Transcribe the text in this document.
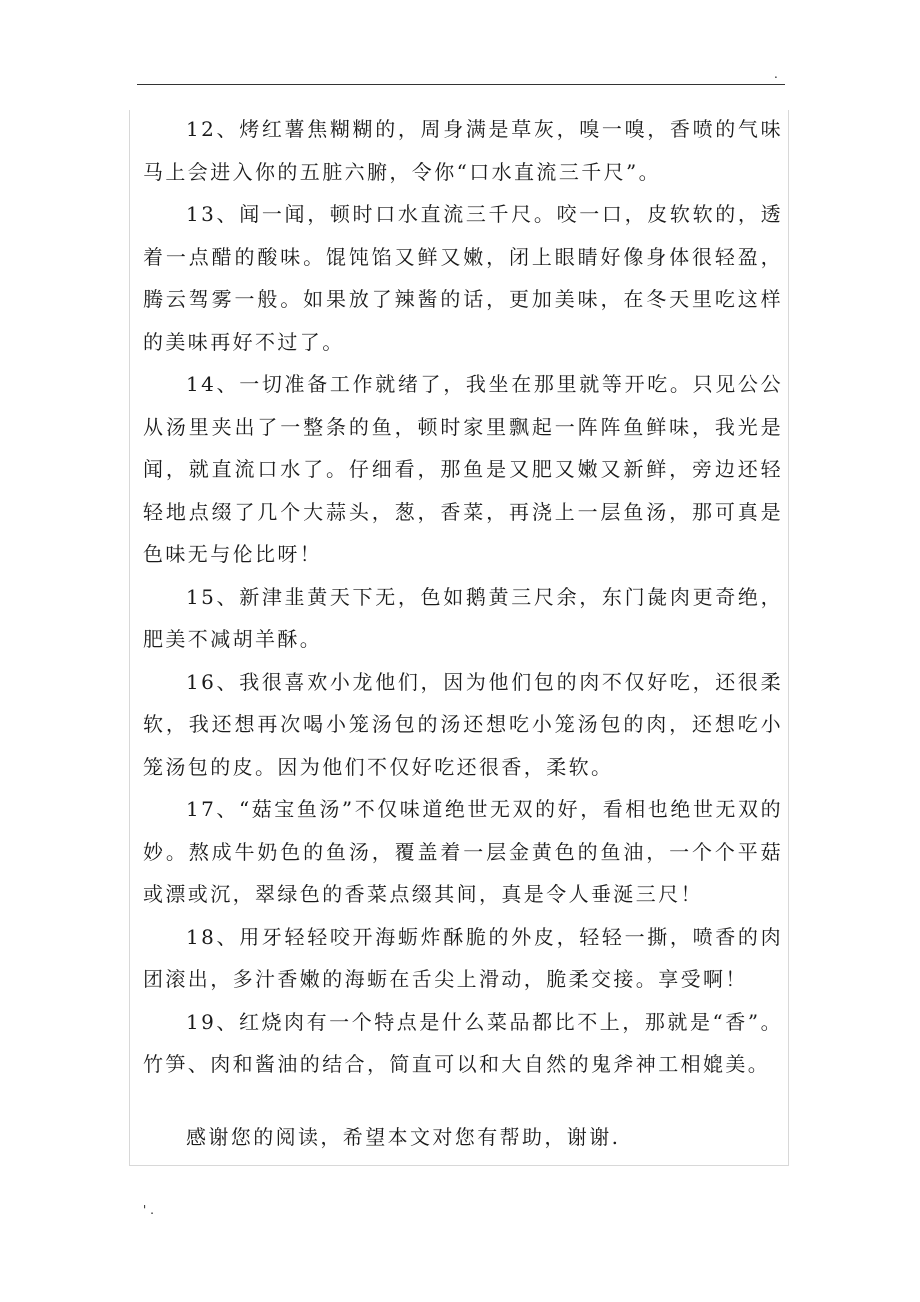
.

12、烤红薯焦糊糊的，周身满是草灰，嗅一嗅，香喷的气味马上会进入你的五脏六腑，令你“口水直流三千尺”。

13、闻一闻，顿时口水直流三千尺。咬一口，皮软软的，透着一点醋的酸味。馄饨馅又鲜又嫩，闭上眼睛好像身体很轻盈，腾云驾雾一般。如果放了辣酱的话，更加美味，在冬天里吃这样的美味再好不过了。

14、一切准备工作就绪了，我坐在那里就等开吃。只见公公从汤里夹出了一整条的鱼，顿时家里飘起一阵阵鱼鲜味，我光是闻，就直流口水了。仔细看，那鱼是又肥又嫩又新鲜，旁边还轻轻地点缀了几个大蒜头，葱，香菜，再浇上一层鱼汤，那可真是色味无与伦比呀！

15、新津韭黄天下无，色如鹅黄三尺余，东门彘肉更奇绝，肥美不减胡羊酥。

16、我很喜欢小龙他们，因为他们包的肉不仅好吃，还很柔软，我还想再次喝小笼汤包的汤还想吃小笼汤包的肉，还想吃小笼汤包的皮。因为他们不仅好吃还很香，柔软。

17、“菇宝鱼汤”不仅味道绝世无双的好，看相也绝世无双的妙。熬成牛奶色的鱼汤，覆盖着一层金黄色的鱼油，一个个平菇或漂或沉，翠绿色的香菜点缀其间，真是令人垂涎三尺！

18、用牙轻轻咬开海蛎炸酥脆的外皮，轻轻一撕，喷香的肉团滚出，多汁香嫩的海蛎在舌尖上滑动，脆柔交接。享受啊！

19、红烧肉有一个特点是什么菜品都比不上，那就是“香”。竹笋、肉和酱油的结合，简直可以和大自然的鬼斧神工相媲美。

感谢您的阅读，希望本文对您有帮助，谢谢.
' .
